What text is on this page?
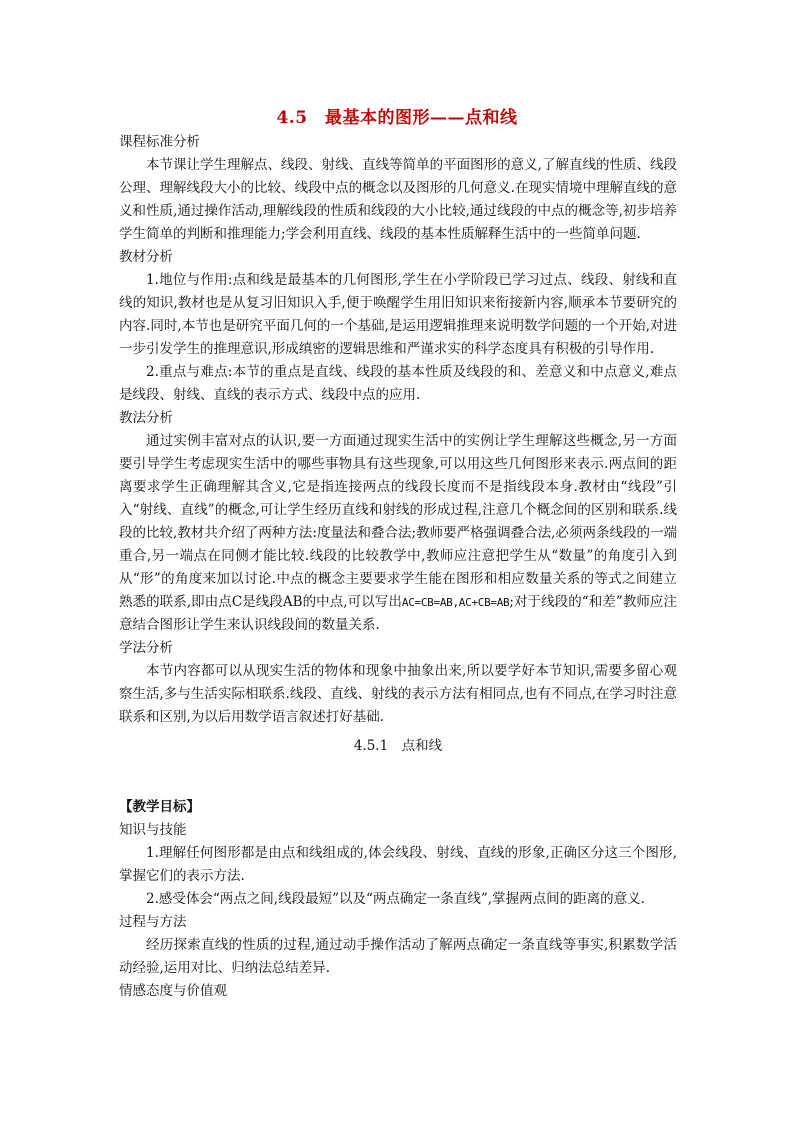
4.5　最基本的图形——点和线

课程标准分析

本节课让学生理解点、线段、射线、直线等简单的平面图形的意义,了解直线的性质、线段公理、理解线段大小的比较、线段中点的概念以及图形的几何意义.在现实情境中理解直线的意义和性质,通过操作活动,理解线段的性质和线段的大小比较,通过线段的中点的概念等,初步培养学生简单的判断和推理能力;学会利用直线、线段的基本性质解释生活中的一些简单问题.

教材分析

1.地位与作用:点和线是最基本的几何图形,学生在小学阶段已学习过点、线段、射线和直线的知识,教材也是从复习旧知识入手,便于唤醒学生用旧知识来衔接新内容,顺承本节要研究的内容.同时,本节也是研究平面几何的一个基础,是运用逻辑推理来说明数学问题的一个开始,对进一步引发学生的推理意识,形成缜密的逻辑思维和严谨求实的科学态度具有积极的引导作用.

2.重点与难点:本节的重点是直线、线段的基本性质及线段的和、差意义和中点意义,难点是线段、射线、直线的表示方式、线段中点的应用.

教法分析

通过实例丰富对点的认识,要一方面通过现实生活中的实例让学生理解这些概念,另一方面要引导学生考虑现实生活中的哪些事物具有这些现象,可以用这些几何图形来表示.两点间的距离要求学生正确理解其含义,它是指连接两点的线段长度而不是指线段本身.教材由“线段”引入“射线、直线”的概念,可让学生经历直线和射线的形成过程,注意几个概念间的区别和联系.线段的比较,教材共介绍了两种方法:度量法和叠合法;教师要严格强调叠合法,必须两条线段的一端重合,另一端点在同侧才能比较.线段的比较教学中,教师应注意把学生从“数量”的角度引入到从“形”的角度来加以讨论.中点的概念主要要求学生能在图形和相应数量关系的等式之间建立熟悉的联系,即由点C是线段AB的中点,可以写出AC=CB=AB,AC+CB=AB;对于线段的“和差”教师应注意结合图形让学生来认识线段间的数量关系.

学法分析

本节内容都可以从现实生活的物体和现象中抽象出来,所以要学好本节知识,需要多留心观察生活,多与生活实际相联系.线段、直线、射线的表示方法有相同点,也有不同点,在学习时注意联系和区别,为以后用数学语言叙述打好基础.

4.5.1　点和线

【教学目标】

知识与技能

1.理解任何图形都是由点和线组成的,体会线段、射线、直线的形象,正确区分这三个图形,掌握它们的表示方法.

2.感受体会“两点之间,线段最短”以及“两点确定一条直线”,掌握两点间的距离的意义.

过程与方法

经历探索直线的性质的过程,通过动手操作活动了解两点确定一条直线等事实,积累数学活动经验,运用对比、归纳法总结差异.

情感态度与价值观
